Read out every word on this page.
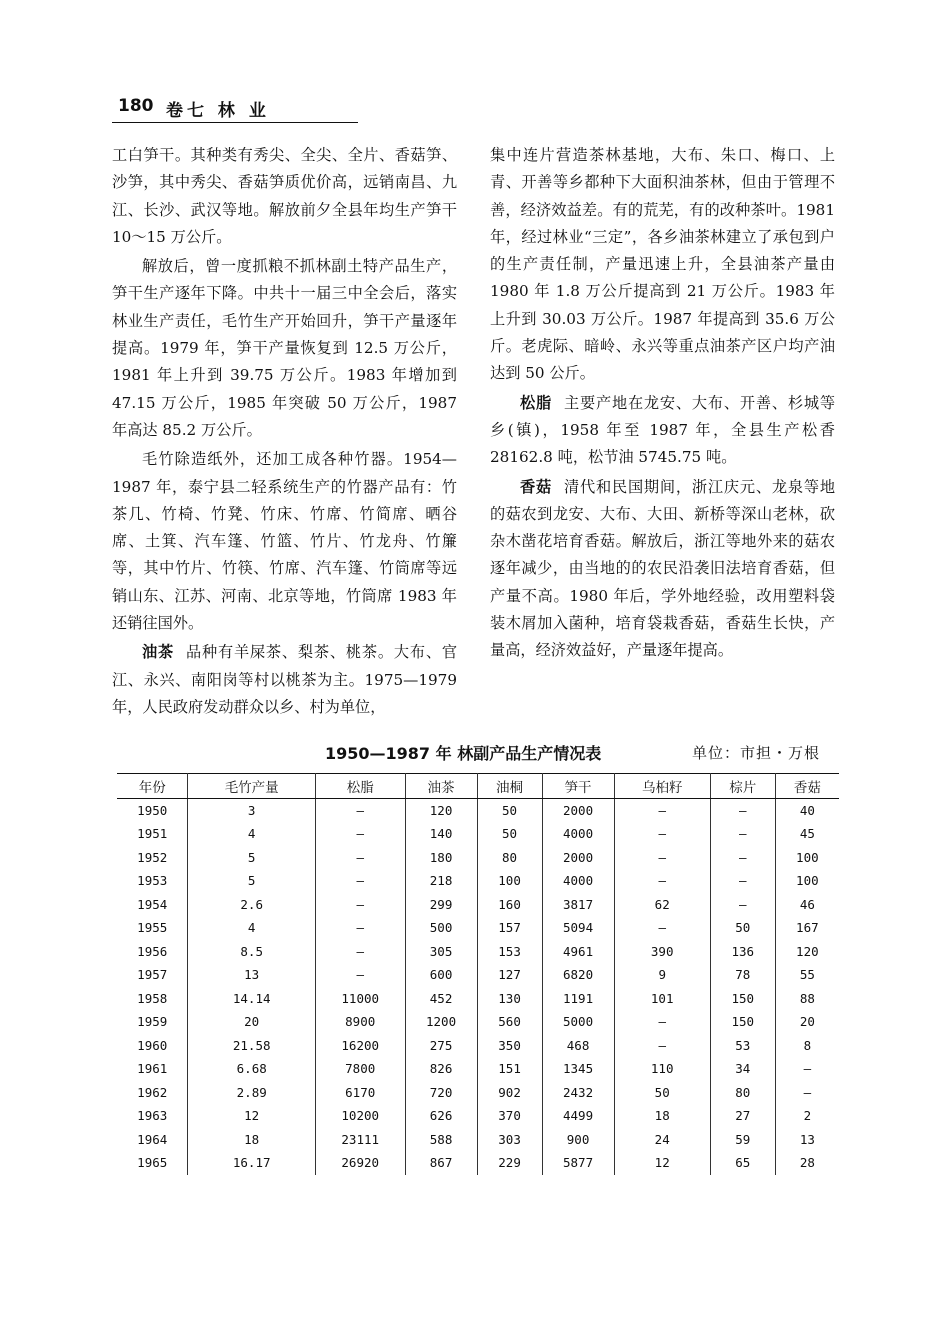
180 卷七 林 业

工白笋干。其种类有秀尖、全尖、全片、香菇笋、沙笋，其中秀尖、香菇笋质优价高，远销南昌、九江、长沙、武汉等地。解放前夕全县年均生产笋干 10～15 万公斤。

解放后，曾一度抓粮不抓林副土特产品生产，笋干生产逐年下降。中共十一届三中全会后，落实林业生产责任，毛竹生产开始回升，笋干产量逐年提高。1979 年，笋干产量恢复到 12.5 万公斤，1981 年上升到 39.75 万公斤。1983 年增加到 47.15 万公斤，1985 年突破 50 万公斤，1987 年高达 85.2 万公斤。

毛竹除造纸外，还加工成各种竹器。1954—1987 年，泰宁县二轻系统生产的竹器产品有：竹茶几、竹椅、竹凳、竹床、竹席、竹简席、晒谷席、土箕、汽车篷、竹篮、竹片、竹龙舟、竹簾等，其中竹片、竹筷、竹席、汽车篷、竹筒席等远销山东、江苏、河南、北京等地，竹筒席 1983 年还销往国外。

油茶 品种有羊屎茶、梨茶、桃茶。大布、官江、永兴、南阳岗等村以桃茶为主。1975—1979 年，人民政府发动群众以乡、村为单位，

集中连片营造茶林基地，大布、朱口、梅口、上青、开善等乡都种下大面积油茶林，但由于管理不善，经济效益差。有的荒芜，有的改种茶叶。1981 年，经过林业“三定”，各乡油茶林建立了承包到户的生产责任制，产量迅速上升，全县油茶产量由 1980 年 1.8 万公斤提高到 21 万公斤。1983 年上升到 30.03 万公斤。1987 年提高到 35.6 万公斤。老虎际、暗岭、永兴等重点油茶产区户均产油达到 50 公斤。

松脂 主要产地在龙安、大布、开善、杉城等乡(镇)，1958 年至 1987 年，全县生产松香 28162.8 吨，松节油 5745.75 吨。

香菇 清代和民国期间，浙江庆元、龙泉等地的菇农到龙安、大布、大田、新桥等深山老林，砍杂木凿花培育香菇。解放后，浙江等地外来的菇农逐年减少，由当地的的农民沿袭旧法培育香菇，但产量不高。1980 年后，学外地经验，改用塑料袋装木屑加入菌种，培育袋栽香菇，香菇生长快，产量高，经济效益好，产量逐年提高。

1950—1987 年 林副产品生产情况表	单位：市担・万根
年份	毛竹产量	松脂	油茶	油桐	笋干	乌桕籽	棕片	香菇
1950	3	—	120	50	2000	—	—	40
1951	4	—	140	50	4000	—	—	45
1952	5	—	180	80	2000	—	—	100
1953	5	—	218	100	4000	—	—	100
1954	2.6	—	299	160	3817	62	—	46
1955	4	—	500	157	5094	—	50	167
1956	8.5	—	305	153	4961	390	136	120
1957	13	—	600	127	6820	9	78	55
1958	14.14	11000	452	130	1191	101	150	88
1959	20	8900	1200	560	5000	—	150	20
1960	21.58	16200	275	350	468	—	53	8
1961	6.68	7800	826	151	1345	110	34	—
1962	2.89	6170	720	902	2432	50	80	—
1963	12	10200	626	370	4499	18	27	2
1964	18	23111	588	303	900	24	59	13
1965	16.17	26920	867	229	5877	12	65	28
